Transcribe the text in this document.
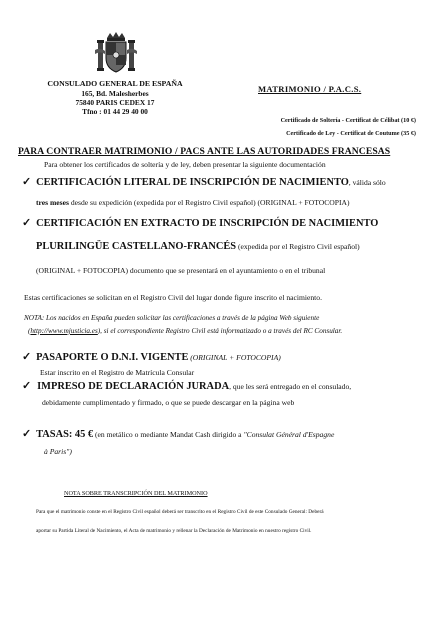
CONSULADO GENERAL DE ESPAÑA
165, Bd. Malesherbes
75840 PARIS CEDEX 17
Tfno : 01 44 29 40 00
MATRIMONIO / P.A.C.S.
Certificado de Soltería - Certificat de Célibat (10 €)
Certificado de Ley - Certificat de Coutume (35 €)
PARA CONTRAER MATRIMONIO / PACS ANTE LAS AUTORIDADES FRANCESAS
Para obtener los certificados de soltería y de ley, deben presentar la siguiente documentación
✓ CERTIFICACIÓN LITERAL DE INSCRIPCIÓN DE NACIMIENTO, válida sólo
tres meses desde su expedición (expedida por el Registro Civil español) (ORIGINAL + FOTOCOPIA)
✓ CERTIFICACIÓN EN EXTRACTO DE INSCRIPCIÓN DE NACIMIENTO
PLURILINGÜE CASTELLANO-FRANCÉS (expedida por el Registro Civil español)
(ORIGINAL + FOTOCOPIA) documento que se presentará en el ayuntamiento o en el tribunal
Estas certificaciones se solicitan en el Registro Civil del lugar donde figure inscrito el nacimiento.
NOTA: Los nacidos en España pueden solicitar las certificaciones a través de la página Web siguiente
(http://www.mjusticia.es), si el correspondiente Registro Civil está informatizado o a través del RC Consular.
✓ PASAPORTE O D.N.I. VIGENTE (ORIGINAL + FOTOCOPIA)
Estar inscrito en el Registro de Matrícula Consular
✓ IMPRESO DE DECLARACIÓN JURADA, que les será entregado en el consulado,
debidamente cumplimentado y firmado, o que se puede descargar en la página web
✓ TASAS: 45 € (en metálico o mediante Mandat Cash dirigido a "Consulat Général d'Espagne
à Paris")
NOTA SOBRE TRANSCRIPCIÓN DEL MATRIMONIO
Para que el matrimonio conste en el Registro Civil español deberá ser transcrito en el Registro Civil de este Consulado General: Deberá
aportar su Partida Literal de Nacimiento, el Acta de matrimonio y rellenar la Declaración de Matrimonio en nuestro registro Civil.
